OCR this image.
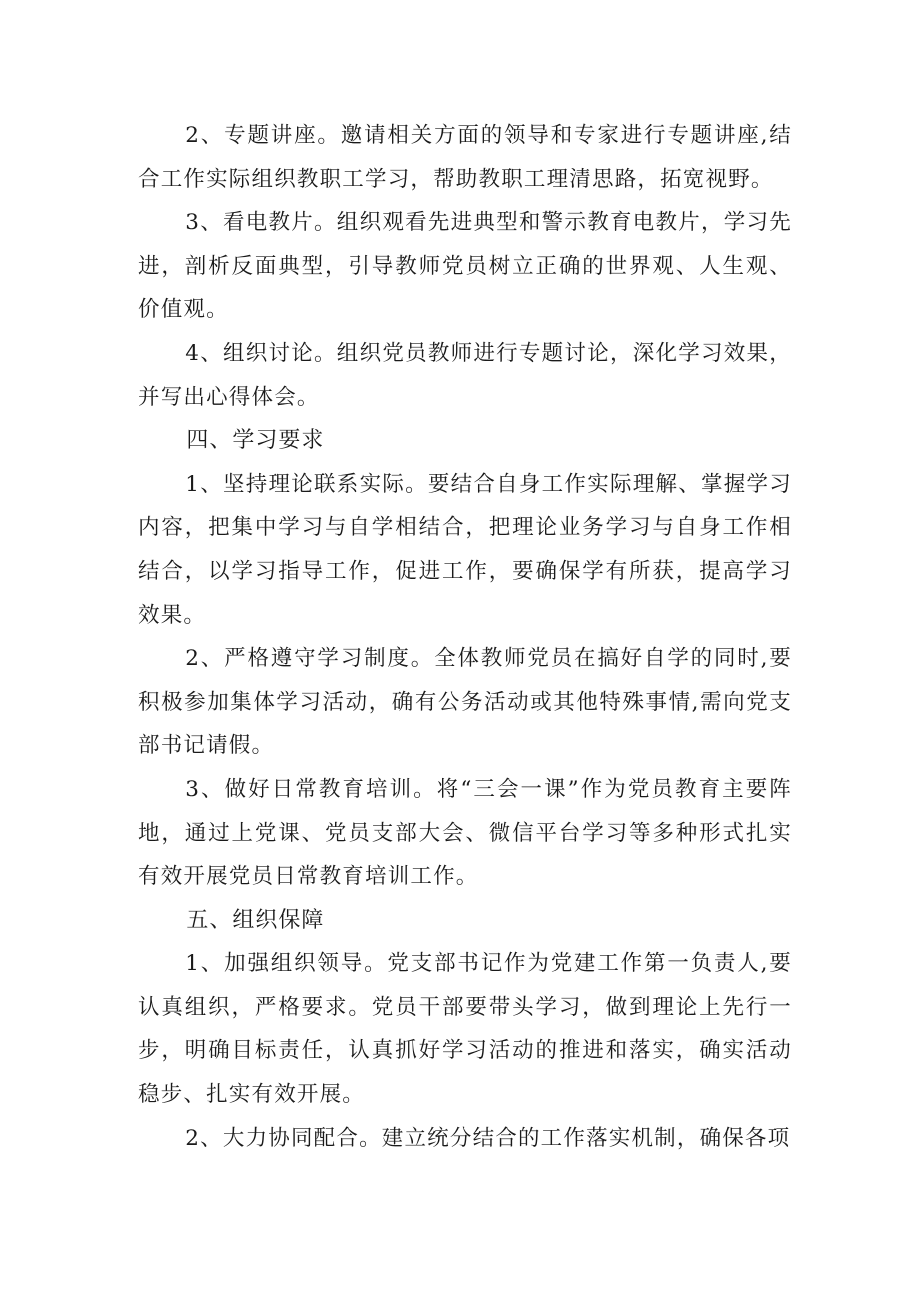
2、专题讲座。邀请相关方面的领导和专家进行专题讲座,结合工作实际组织教职工学习，帮助教职工理清思路，拓宽视野。

3、看电教片。组织观看先进典型和警示教育电教片，学习先进，剖析反面典型，引导教师党员树立正确的世界观、人生观、价值观。

4、组织讨论。组织党员教师进行专题讨论，深化学习效果，并写出心得体会。

四、学习要求

1、坚持理论联系实际。要结合自身工作实际理解、掌握学习内容，把集中学习与自学相结合，把理论业务学习与自身工作相结合，以学习指导工作，促进工作，要确保学有所获，提高学习效果。

2、严格遵守学习制度。全体教师党员在搞好自学的同时,要积极参加集体学习活动，确有公务活动或其他特殊事情,需向党支部书记请假。

3、做好日常教育培训。将“三会一课”作为党员教育主要阵地，通过上党课、党员支部大会、微信平台学习等多种形式扎实有效开展党员日常教育培训工作。

五、组织保障

1、加强组织领导。党支部书记作为党建工作第一负责人,要认真组织，严格要求。党员干部要带头学习，做到理论上先行一步，明确目标责任，认真抓好学习活动的推进和落实，确实活动稳步、扎实有效开展。

2、大力协同配合。建立统分结合的工作落实机制，确保各项
